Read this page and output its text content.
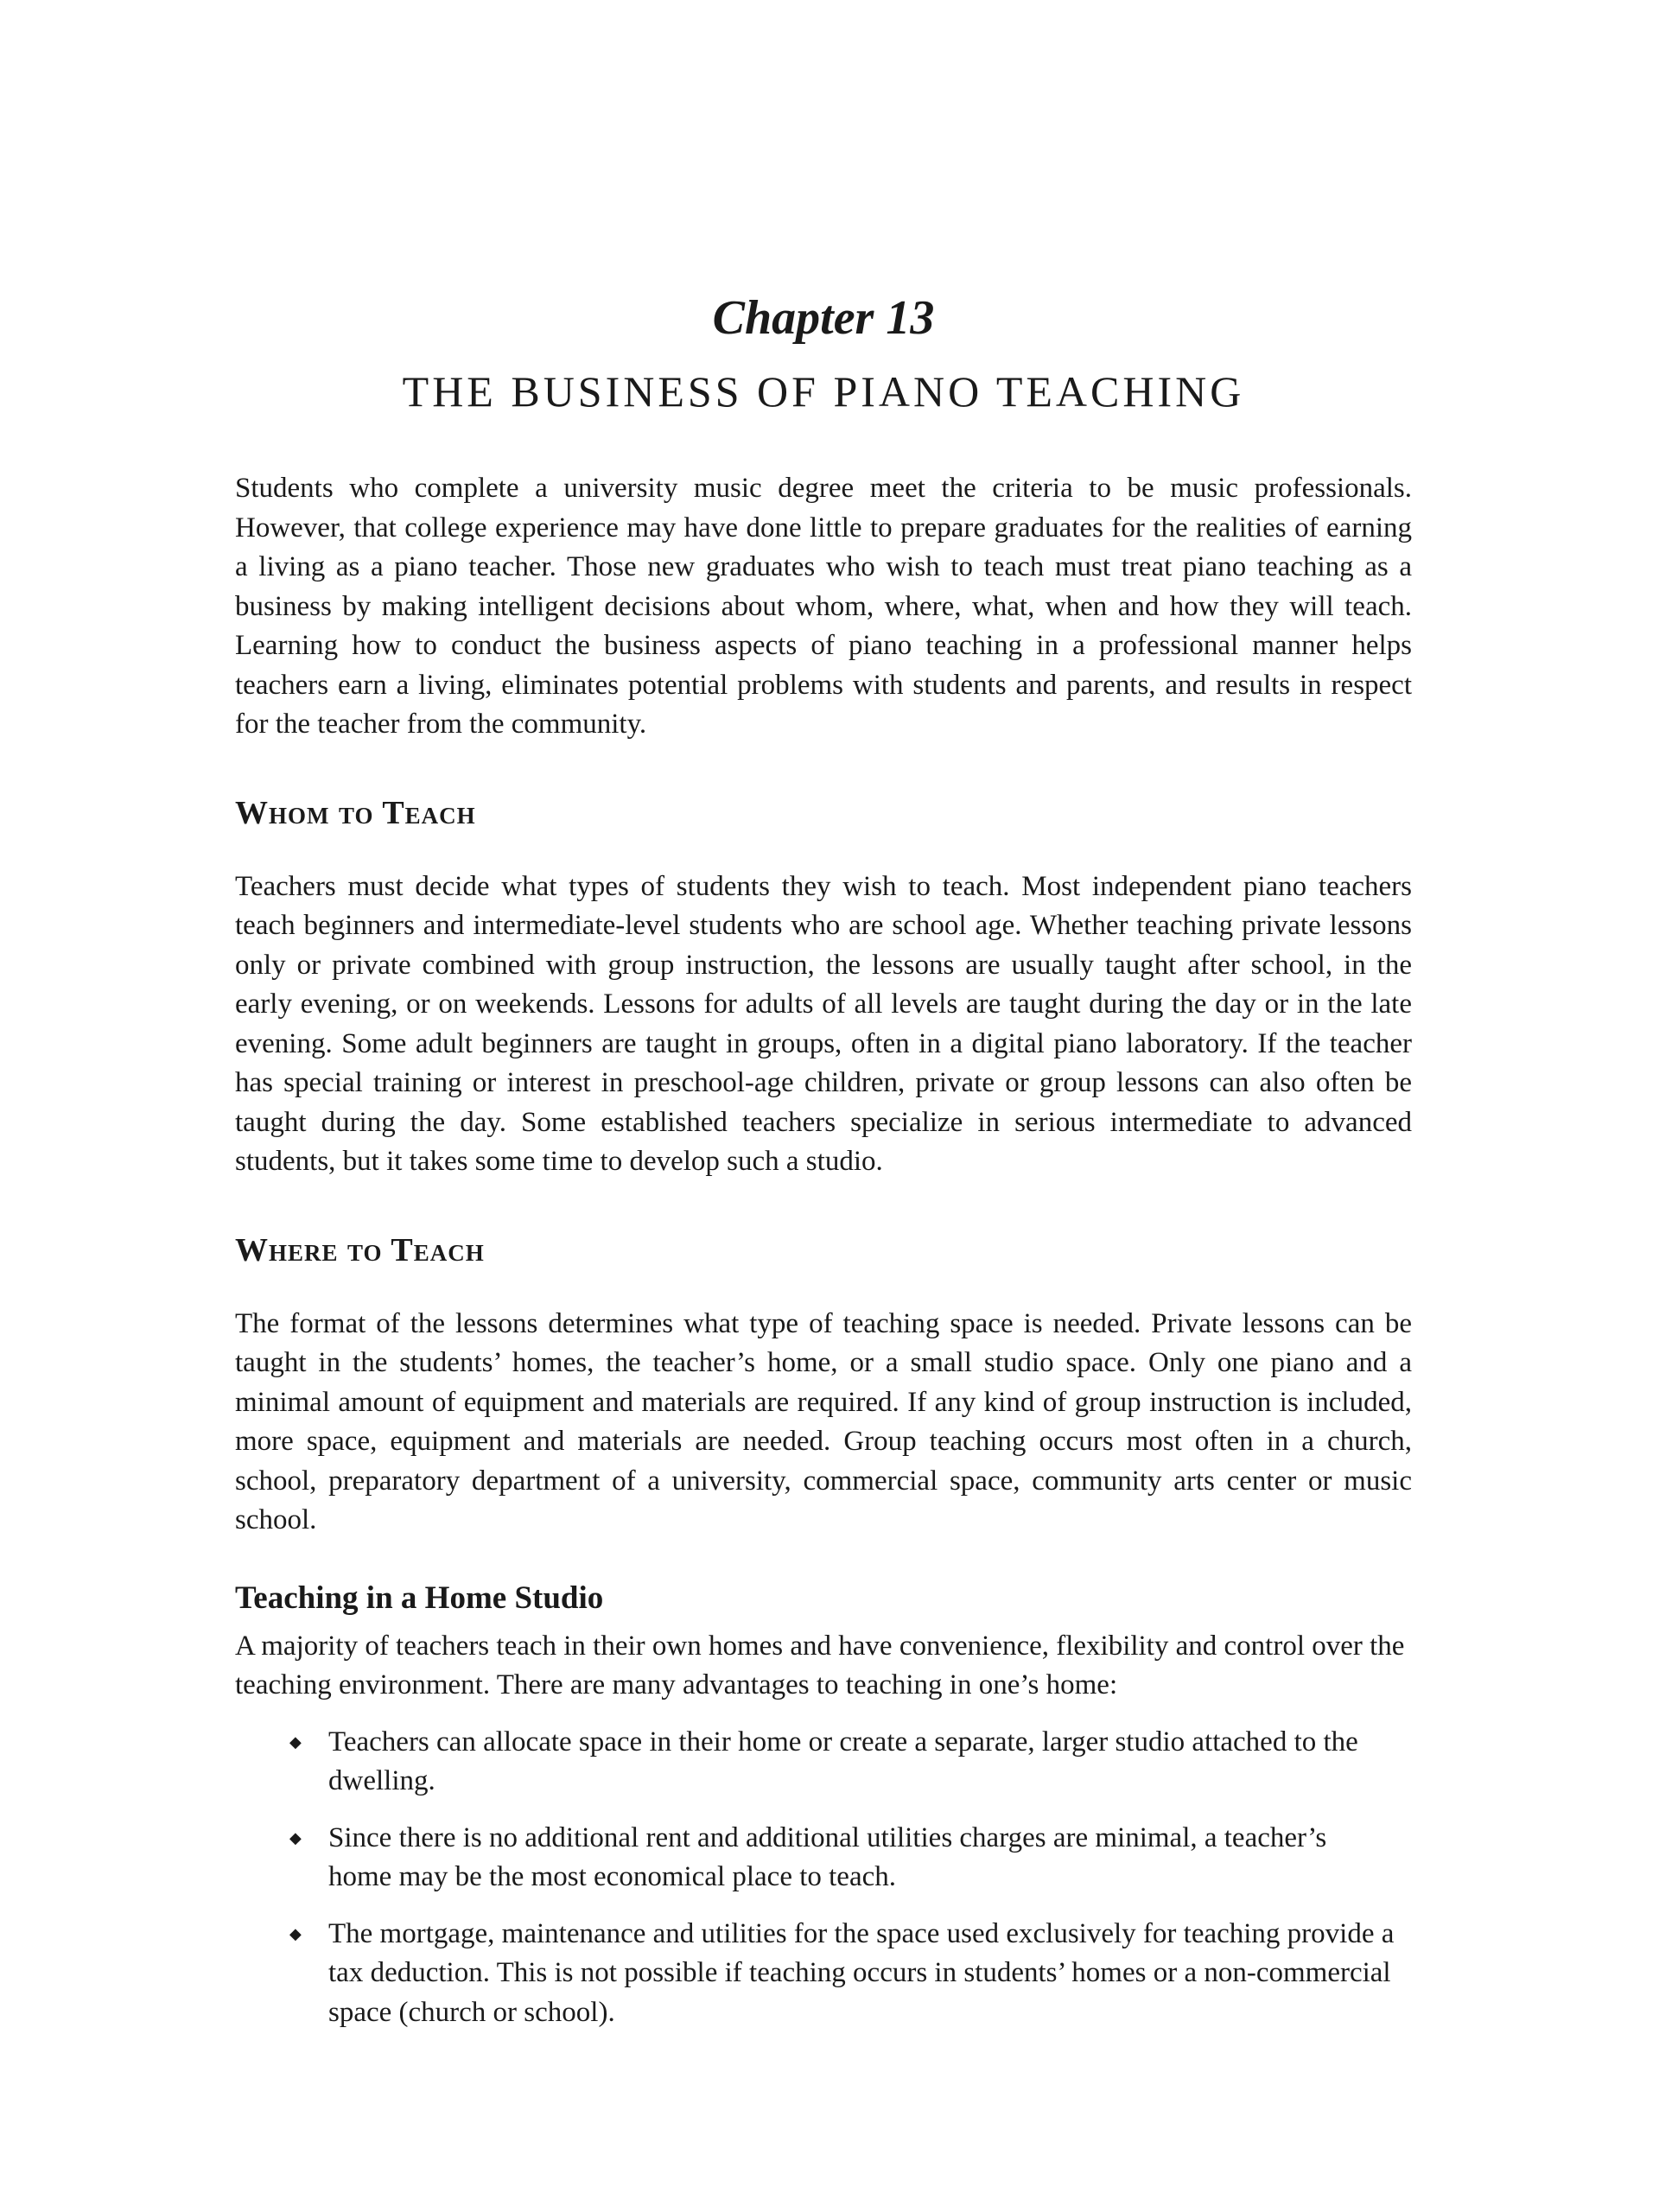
Chapter 13
THE BUSINESS OF PIANO TEACHING

Students who complete a university music degree meet the criteria to be music professionals. However, that college experience may have done little to prepare graduates for the realities of earning a living as a piano teacher. Those new graduates who wish to teach must treat piano teaching as a business by making intelligent decisions about whom, where, what, when and how they will teach. Learning how to conduct the business aspects of piano teaching in a professional manner helps teachers earn a living, eliminates potential problems with students and parents, and results in respect for the teacher from the community.

Whom to Teach

Teachers must decide what types of students they wish to teach. Most independent piano teachers teach beginners and intermediate-level students who are school age. Whether teaching private lessons only or private combined with group instruction, the lessons are usually taught after school, in the early evening, or on weekends. Lessons for adults of all levels are taught during the day or in the late evening. Some adult beginners are taught in groups, often in a digital piano laboratory. If the teacher has special training or interest in preschool-age children, private or group lessons can also often be taught during the day. Some established teachers specialize in serious intermediate to advanced students, but it takes some time to develop such a studio.

Where to Teach

The format of the lessons determines what type of teaching space is needed. Private lessons can be taught in the students’ homes, the teacher’s home, or a small studio space. Only one piano and a minimal amount of equipment and materials are required. If any kind of group instruction is included, more space, equipment and materials are needed. Group teaching occurs most often in a church, school, preparatory department of a university, commercial space, community arts center or music school.

Teaching in a Home Studio

A majority of teachers teach in their own homes and have convenience, flexibility and control over the teaching environment. There are many advantages to teaching in one’s home:

◆ Teachers can allocate space in their home or create a separate, larger studio attached to the dwelling.
◆ Since there is no additional rent and additional utilities charges are minimal, a teacher’s home may be the most economical place to teach.
◆ The mortgage, maintenance and utilities for the space used exclusively for teaching provide a tax deduction. This is not possible if teaching occurs in students’ homes or a non-commercial space (church or school).
